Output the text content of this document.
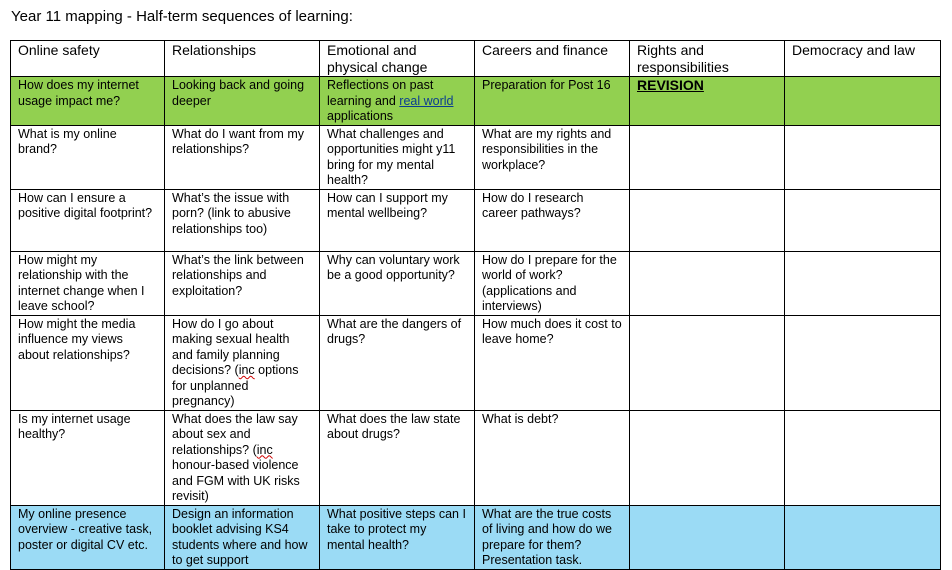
Year 11 mapping - Half-term sequences of learning:
Online safety	Relationships	Emotional and physical change	Careers and finance	Rights and responsibilities	Democracy and law
How does my internet usage impact me?	Looking back and going deeper	Reflections on past learning and real world applications	Preparation for Post 16	REVISION	
What is my online brand?	What do I want from my relationships?	What challenges and opportunities might y11 bring for my mental health?	What are my rights and responsibilities in the workplace?		
How can I ensure a positive digital footprint?	What’s the issue with porn? (link to abusive relationships too)	How can I support my mental wellbeing?	How do I research career pathways?		
How might my relationship with the internet change when I leave school?	What’s the link between relationships and exploitation?	Why can voluntary work be a good opportunity?	How do I prepare for the world of work? (applications and interviews)		
How might the media influence my views about relationships?	How do I go about making sexual health and family planning decisions? (inc options for unplanned pregnancy)	What are the dangers of drugs?	How much does it cost to leave home?		
Is my internet usage healthy?	What does the law say about sex and relationships? (inc honour-based violence and FGM with UK risks revisit)	What does the law state about drugs?	What is debt?		
My online presence overview - creative task, poster or digital CV etc.	Design an information booklet advising KS4 students where and how to get support	What positive steps can I take to protect my mental health?	What are the true costs of living and how do we prepare for them? Presentation task.		
